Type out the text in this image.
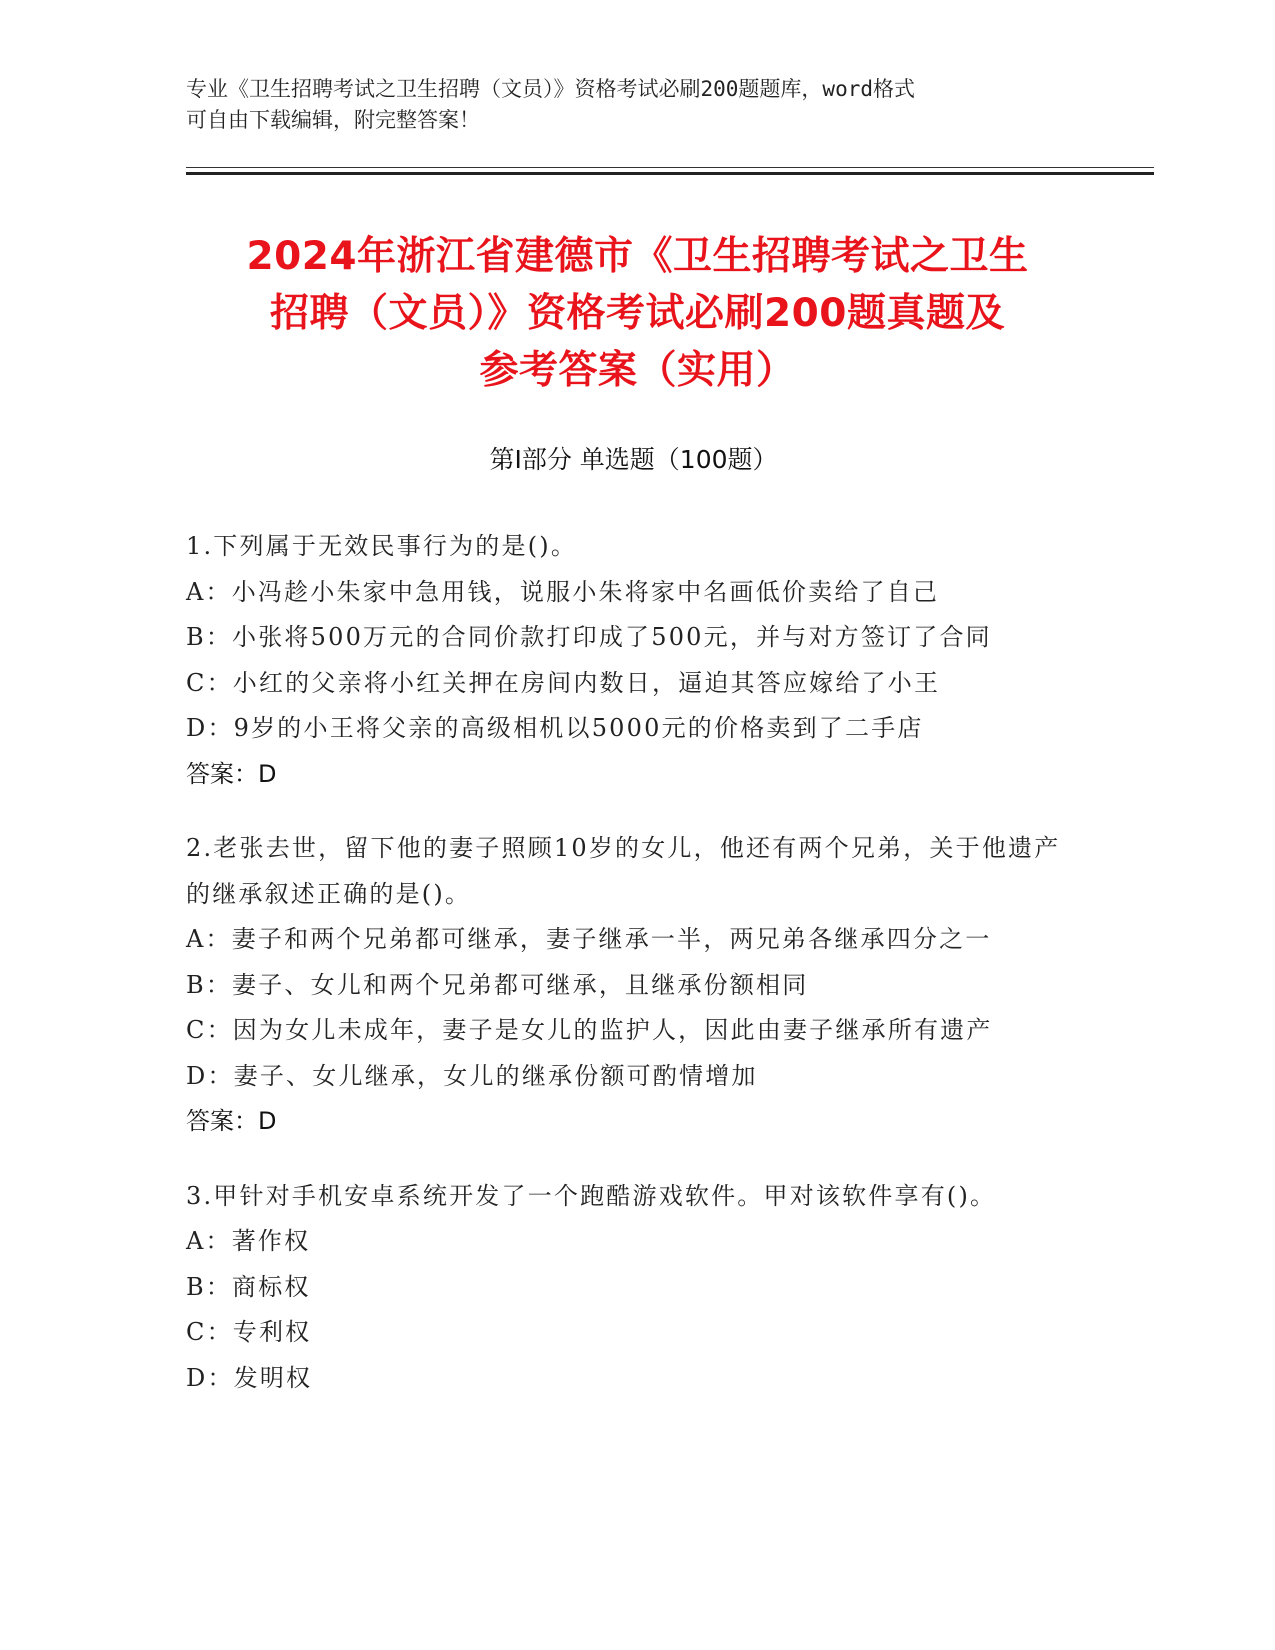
专业《卫生招聘考试之卫生招聘（文员）》资格考试必刷200题题库，word格式
可自由下载编辑，附完整答案！
2024年浙江省建德市《卫生招聘考试之卫生
招聘（文员）》资格考试必刷200题真题及
参考答案（实用）
第Ⅰ部分 单选题（100题）
1.下列属于无效民事行为的是()。
A：小冯趁小朱家中急用钱，说服小朱将家中名画低价卖给了自己
B：小张将500万元的合同价款打印成了500元，并与对方签订了合同
C：小红的父亲将小红关押在房间内数日，逼迫其答应嫁给了小王
D：9岁的小王将父亲的高级相机以5000元的价格卖到了二手店
答案：D
2.老张去世，留下他的妻子照顾10岁的女儿，他还有两个兄弟，关于他遗产的继承叙述正确的是()。
A：妻子和两个兄弟都可继承，妻子继承一半，两兄弟各继承四分之一
B：妻子、女儿和两个兄弟都可继承，且继承份额相同
C：因为女儿未成年，妻子是女儿的监护人，因此由妻子继承所有遗产
D：妻子、女儿继承，女儿的继承份额可酌情增加
答案：D
3.甲针对手机安卓系统开发了一个跑酷游戏软件。甲对该软件享有()。
A：著作权
B：商标权
C：专利权
D：发明权
